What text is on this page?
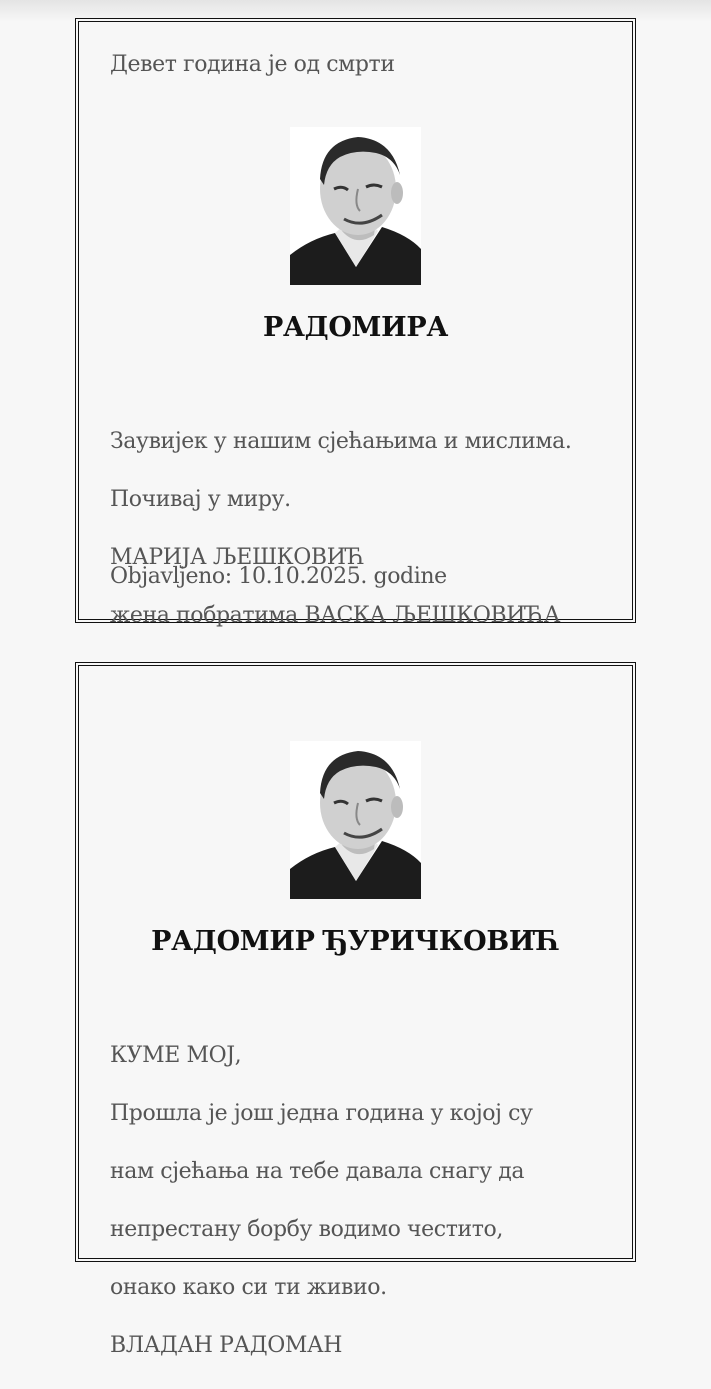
Девет година је од смрти
РАДОМИРА

Заувијек у нашим сјећањима и мислима.

Почивај у миру.

МАРИЈА ЉЕШКОВИЋ

жена побратима ВАСКА ЉЕШКОВИЋА

Objavljeno: 10.10.2025. godine
РАДОМИР ЂУРИЧКОВИЋ

КУМЕ МОЈ,

Прошла је још једна година у којој су

нам сјећања на тебе давала снагу да

непрестану борбу водимо честито,

онако како си ти живио.

ВЛАДАН РАДОМАН
